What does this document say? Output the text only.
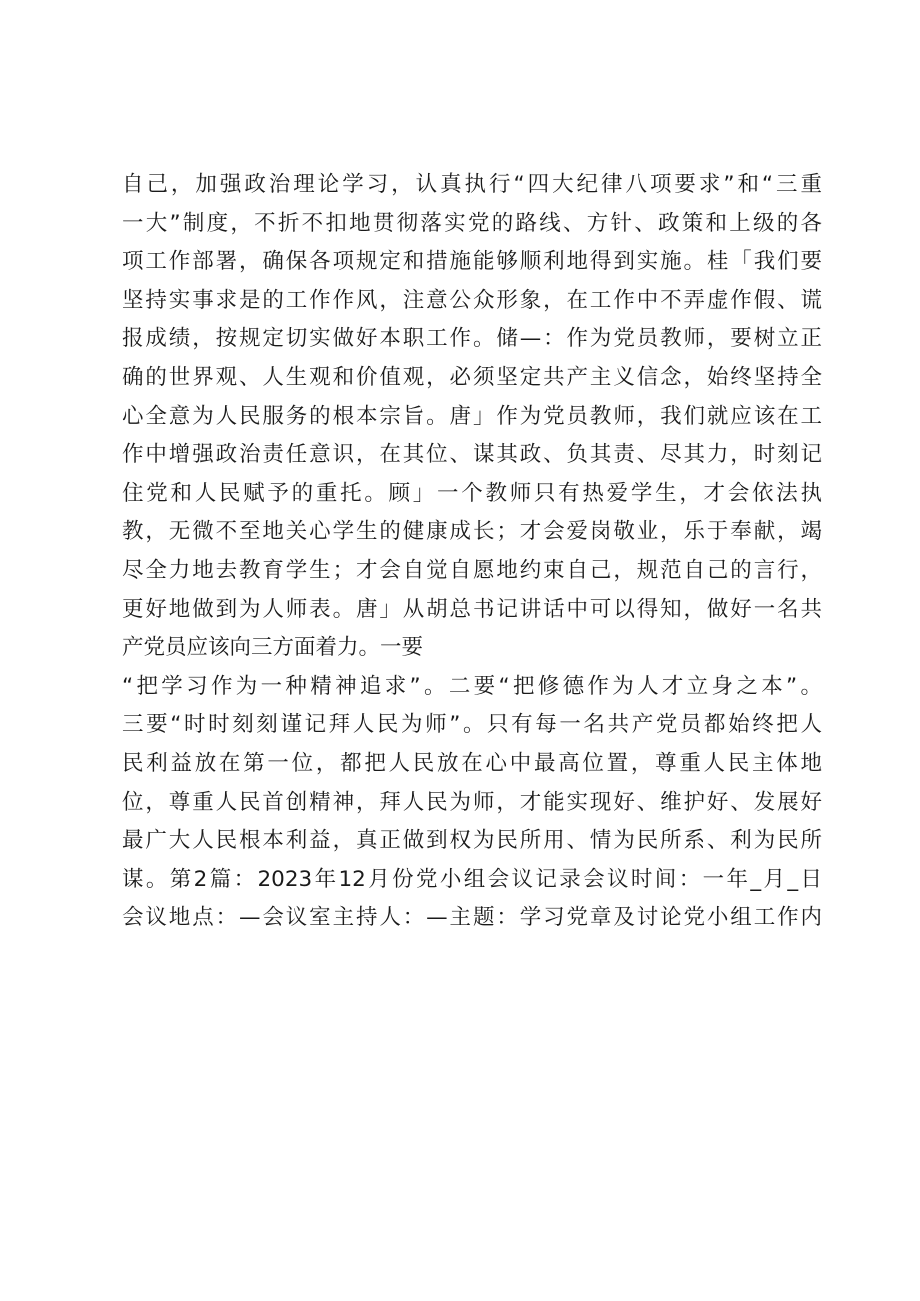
自己，加强政治理论学习，认真执行“四大纪律八项要求”和“三重
一大”制度，不折不扣地贯彻落实党的路线、方针、政策和上级的各
项工作部署，确保各项规定和措施能够顺利地得到实施。桂「我们要
坚持实事求是的工作作风，注意公众形象，在工作中不弄虚作假、谎
报成绩，按规定切实做好本职工作。储—：作为党员教师，要树立正
确的世界观、人生观和价值观，必须坚定共产主义信念，始终坚持全
心全意为人民服务的根本宗旨。唐」作为党员教师，我们就应该在工
作中增强政治责任意识，在其位、谋其政、负其责、尽其力，时刻记
住党和人民赋予的重托。顾」一个教师只有热爱学生，才会依法执
教，无微不至地关心学生的健康成长；才会爱岗敬业，乐于奉献，竭
尽全力地去教育学生；才会自觉自愿地约束自己，规范自己的言行，
更好地做到为人师表。唐」从胡总书记讲话中可以得知，做好一名共
产党员应该向三方面着力。一要
“把学习作为一种精神追求”。二要“把修德作为人才立身之本”。
三要“时时刻刻谨记拜人民为师”。只有每一名共产党员都始终把人
民利益放在第一位，都把人民放在心中最高位置，尊重人民主体地
位，尊重人民首创精神，拜人民为师，才能实现好、维护好、发展好
最广大人民根本利益，真正做到权为民所用、情为民所系、利为民所
谋。第2篇：2023年12月份党小组会议记录会议时间：一年_月_日
会议地点：—会议室主持人：—主题：学习党章及讨论党小组工作内
